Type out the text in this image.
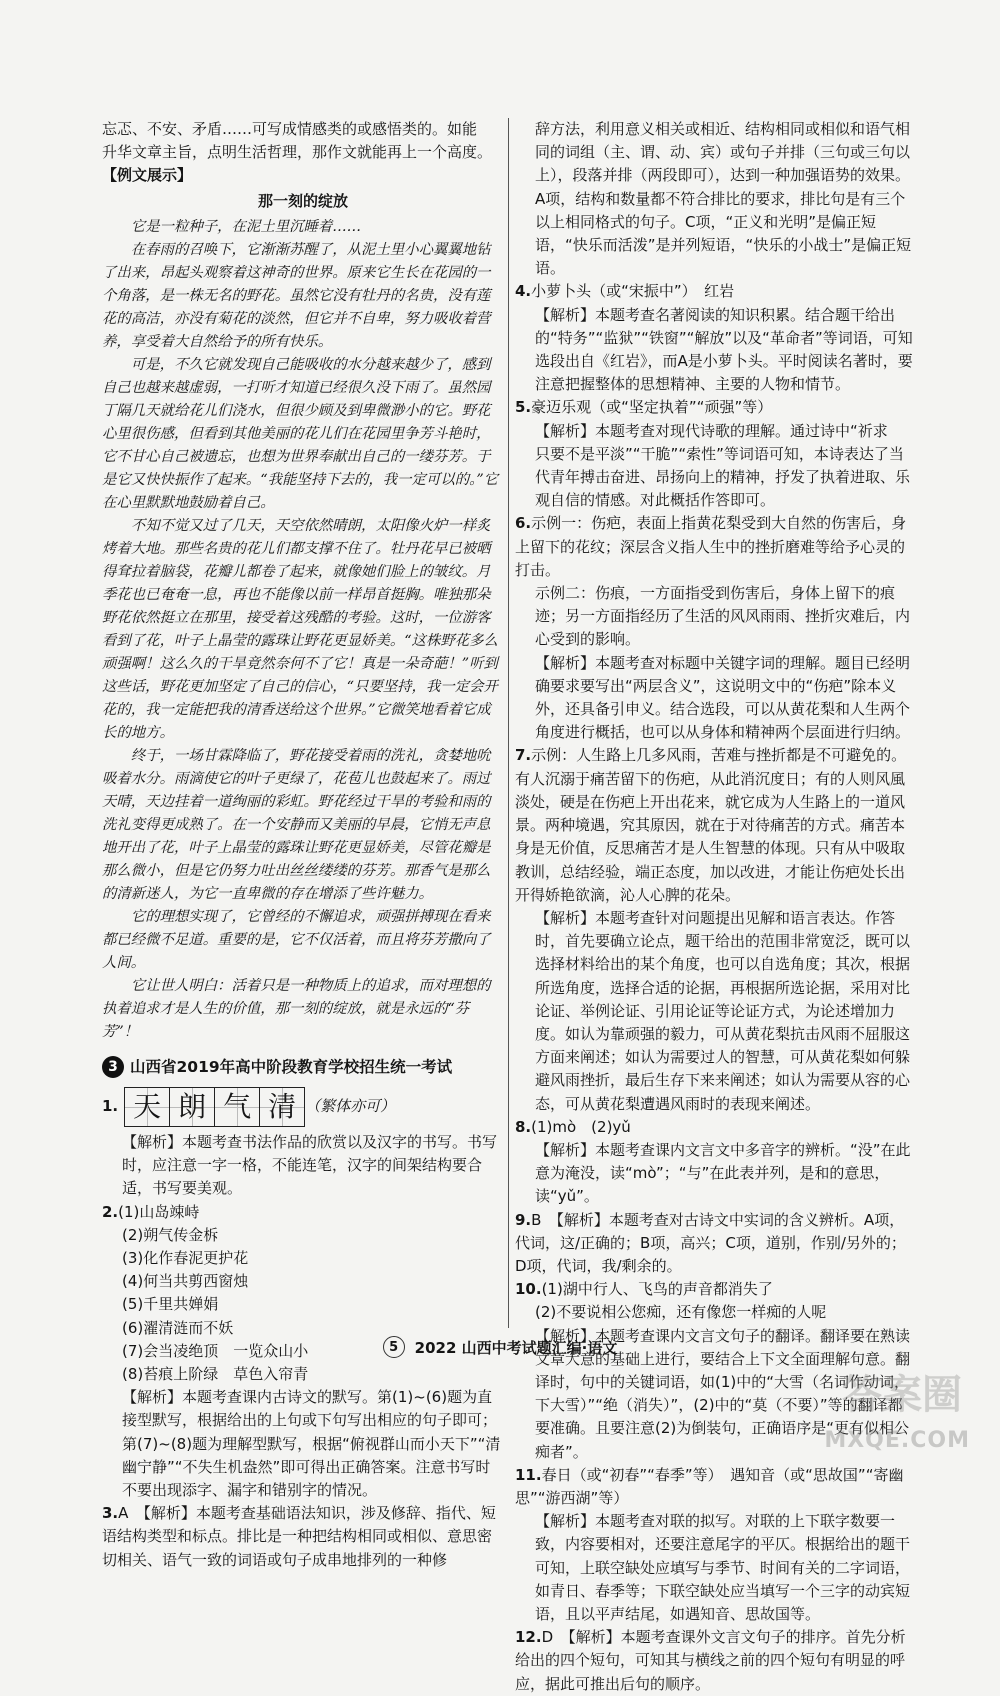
忘忑、不安、矛盾……可写成情感类的或感悟类的。如能

升华文章主旨，点明生活哲理，那作文就能再上一个高度。

【例文展示】

那一刻的绽放

它是一粒种子，在泥土里沉睡着……

在春雨的召唤下，它渐渐苏醒了，从泥土里小心翼翼地钻了出来，昂起头观察着这神奇的世界。原来它生长在花园的一个角落，是一株无名的野花。虽然它没有牡丹的名贵，没有莲花的高洁，亦没有菊花的淡然，但它并不自卑，努力吸收着营养，享受着大自然给予的所有快乐。

可是，不久它就发现自己能吸收的水分越来越少了，感到自己也越来越虚弱，一打听才知道已经很久没下雨了。虽然园丁隔几天就给花儿们浇水，但很少顾及到卑微渺小的它。野花心里很伤感，但看到其他美丽的花儿们在花园里争芳斗艳时，它不甘心自己被遗忘，也想为世界奉献出自己的一缕芬芳。于是它又快快振作了起来。“我能坚持下去的，我一定可以的。”它在心里默默地鼓励着自己。

不知不觉又过了几天，天空依然晴朗，太阳像火炉一样炙烤着大地。那些名贵的花儿们都支撑不住了。牡丹花早已被晒得耷拉着脑袋，花瓣儿都卷了起来，就像她们脸上的皱纹。月季花也已奄奄一息，再也不能像以前一样昂首挺胸。唯独那朵野花依然挺立在那里，接受着这残酷的考验。这时，一位游客看到了花，叶子上晶莹的露珠让野花更显娇美。“这株野花多么顽强啊！这么久的干旱竟然奈何不了它！真是一朵奇葩！”听到这些话，野花更加坚定了自己的信心，“只要坚持，我一定会开花的，我一定能把我的清香送给这个世界。”它微笑地看着它成长的地方。

终于，一场甘霖降临了，野花接受着雨的洗礼，贪婪地吮吸着水分。雨滴使它的叶子更绿了，花苞儿也鼓起来了。雨过天晴，天边挂着一道绚丽的彩虹。野花经过干旱的考验和雨的洗礼变得更成熟了。在一个安静而又美丽的早晨，它悄无声息地开出了花，叶子上晶莹的露珠让野花更显娇美，尽管花瓣是那么微小，但是它仍努力吐出丝丝缕缕的芬芳。那香气是那么的清新迷人，为它一直卑微的存在增添了些许魅力。

它的理想实现了，它曾经的不懈追求，顽强拼搏现在看来都已经微不足道。重要的是，它不仅活着，而且将芬芳撒向了人间。

它让世人明白：活着只是一种物质上的追求，而对理想的执着追求才是人生的价值，那一刻的绽放，就是永远的“芬芳”！

3 山西省2019年高中阶段教育学校招生统一考试
1. 天 朗 气 清 （繁体亦可）

【解析】本题考查书法作品的欣赏以及汉字的书写。书写时，应注意一字一格，不能连笔，汉字的间架结构要合适，书写要美观。

2.(1)山岛竦峙

(2)朔气传金柝

(3)化作春泥更护花

(4)何当共剪西窗烛

(5)千里共婵娟

(6)濯清涟而不妖

(7)会当凌绝顶　一览众山小

(8)苔痕上阶绿　草色入帘青

【解析】本题考查课内古诗文的默写。第(1)~(6)题为直接型默写，根据给出的上句或下句写出相应的句子即可；第(7)~(8)题为理解型默写，根据“俯视群山而小天下”“清幽宁静”“不失生机盎然”即可得出正确答案。注意书写时不要出现添字、漏字和错别字的情况。

3.A　【解析】本题考查基础语法知识，涉及修辞、指代、短语结构类型和标点。排比是一种把结构相同或相似、意思密切相关、语气一致的词语或句子成串地排列的一种修

辞方法，利用意义相关或相近、结构相同或相似和语气相同的词组（主、谓、动、宾）或句子并排（三句或三句以上），段落并排（两段即可），达到一种加强语势的效果。A项，结构和数量都不符合排比的要求，排比句是有三个以上相同格式的句子。C项，“正义和光明”是偏正短语，“快乐而活泼”是并列短语，“快乐的小战士”是偏正短语。

4.小萝卜头（或“宋振中”）　红岩

【解析】本题考查名著阅读的知识积累。结合题干给出的“特务”“监狱”“铁窗”“解放”以及“革命者”等词语，可知选段出自《红岩》，而A是小萝卜头。平时阅读名著时，要注意把握整体的思想精神、主要的人物和情节。

5.豪迈乐观（或“坚定执着”“顽强”等）

【解析】本题考查对现代诗歌的理解。通过诗中“祈求　只要不是平淡”“干脆”“索性”等词语可知，本诗表达了当代青年搏击奋进、昂扬向上的精神，抒发了执着进取、乐观自信的情感。对此概括作答即可。

6.示例一：伤疤，表面上指黄花梨受到大自然的伤害后，身上留下的花纹；深层含义指人生中的挫折磨难等给予心灵的打击。

示例二：伤痕，一方面指受到伤害后，身体上留下的痕迹；另一方面指经历了生活的风风雨雨、挫折灾难后，内心受到的影响。

【解析】本题考查对标题中关键字词的理解。题目已经明确要求要写出“两层含义”，这说明文中的“伤疤”除本义外，还具备引申义。结合选段，可以从黄花梨和人生两个角度进行概括，也可以从身体和精神两个层面进行归纳。

7.示例：人生路上几多风雨，苦难与挫折都是不可避免的。有人沉溺于痛苦留下的伤疤，从此消沉度日；有的人则风風淡处，硬是在伤疤上开出花来，就它成为人生路上的一道风景。两种境遇，究其原因，就在于对待痛苦的方式。痛苦本身是无价值，反思痛苦才是人生智慧的体现。只有从中吸取教训，总结经验，端正态度，加以改进，才能让伤疤处长出开得娇艳欲滴，沁人心脾的花朵。

【解析】本题考查针对问题提出见解和语言表达。作答时，首先要确立论点，题干给出的范围非常宽泛，既可以选择材料给出的某个角度，也可以自选角度；其次，根据所选角度，选择合适的论据，再根据所选论据，采用对比论证、举例论证、引用论证等论证方式，为论述增加力度。如认为靠顽强的毅力，可从黄花梨抗击风雨不屈服这方面来阐述；如认为需要过人的智慧，可从黄花梨如何躲避风雨挫折，最后生存下来来阐述；如认为需要从容的心态，可从黄花梨遭遇风雨时的表现来阐述。

8.(1)mò　(2)yǔ

【解析】本题考查课内文言文中多音字的辨析。“没”在此意为淹没，读“mò”；“与”在此表并列，是和的意思，读“yǔ”。

9.B　【解析】本题考查对古诗文中实词的含义辨析。A项，代词，这/正确的；B项，高兴；C项，道别，作别/另外的；D项，代词，我/剩余的。

10.(1)湖中行人、飞鸟的声音都消失了

(2)不要说相公您痴，还有像您一样痴的人呢

【解析】本题考查课内文言文句子的翻译。翻译要在熟读文章大意的基础上进行，要结合上下文全面理解句意。翻译时，句中的关键词语，如(1)中的“大雪（名词作动词，下大雪）”“绝（消失）”，(2)中的“莫（不要）”等的翻译都要准确。且要注意(2)为倒装句，正确语序是“更有似相公痴者”。

11.春日（或“初春”“春季”等）　遇知音（或“思故国”“寄幽思”“游西湖”等）

【解析】本题考查对联的拟写。对联的上下联字数要一致，内容要相对，还要注意尾字的平仄。根据给出的题干可知，上联空缺处应填写与季节、时间有关的二字词语，如青日、春季等；下联空缺处应当填写一个三字的动宾短语，且以平声结尾，如遇知音、思故国等。

12.D　【解析】本题考查课外文言文句子的排序。首先分析给出的四个短句，可知其与横线之前的四个短句有明显的呼应，据此可推出后句的顺序。

5	2022 山西中考试题汇编·语文
答案圈
MXQE.COM
